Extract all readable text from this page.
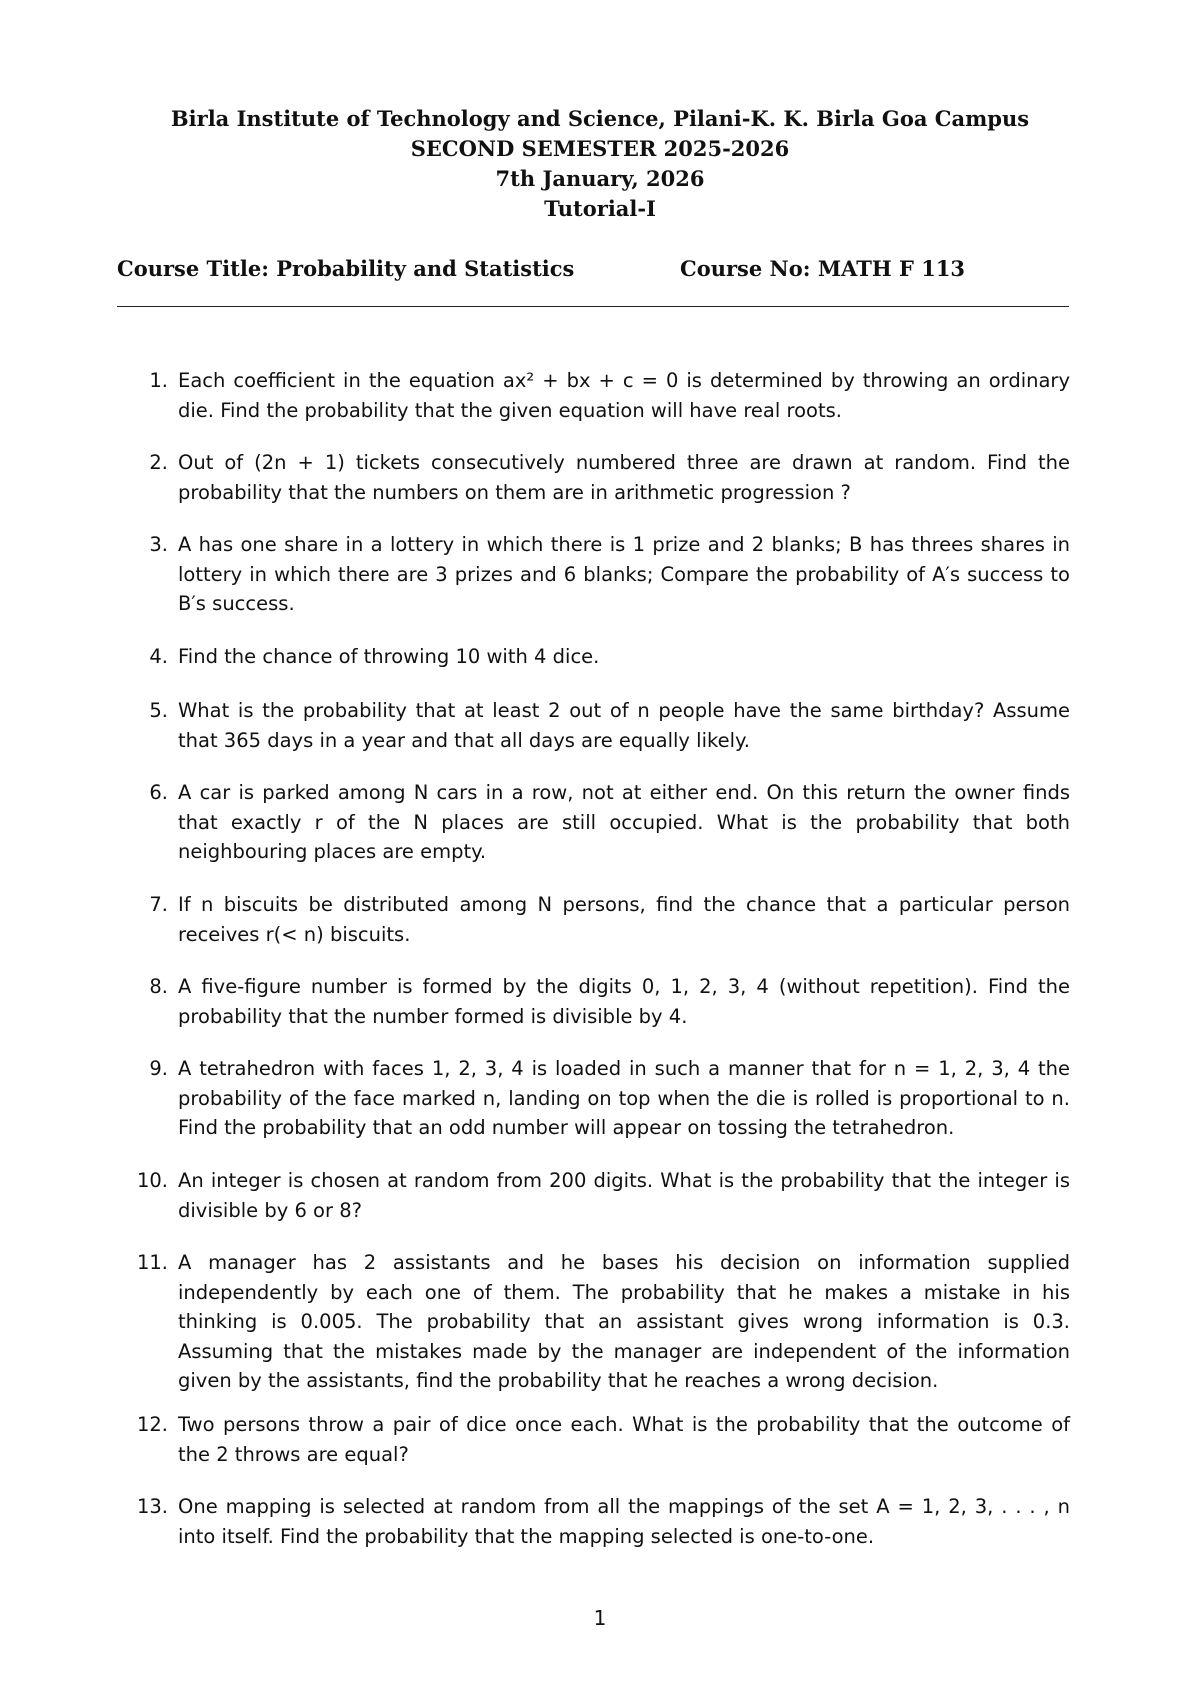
Birla Institute of Technology and Science, Pilani-K. K. Birla Goa Campus
SECOND SEMESTER 2025-2026
7th January, 2026
Tutorial-I
Course Title: Probability and Statistics	Course No: MATH F 113
1. Each coefficient in the equation ax² + bx + c = 0 is determined by throwing an ordinary die. Find the probability that the given equation will have real roots.
2. Out of (2n + 1) tickets consecutively numbered three are drawn at random. Find the probability that the numbers on them are in arithmetic progression ?
3. A has one share in a lottery in which there is 1 prize and 2 blanks; B has threes shares in lottery in which there are 3 prizes and 6 blanks; Compare the probability of A′s success to B′s success.
4. Find the chance of throwing 10 with 4 dice.
5. What is the probability that at least 2 out of n people have the same birthday? Assume that 365 days in a year and that all days are equally likely.
6. A car is parked among N cars in a row, not at either end. On this return the owner finds that exactly r of the N places are still occupied. What is the probability that both neighbouring places are empty.
7. If n biscuits be distributed among N persons, find the chance that a particular person receives r(< n) biscuits.
8. A five-figure number is formed by the digits 0, 1, 2, 3, 4 (without repetition). Find the probability that the number formed is divisible by 4.
9. A tetrahedron with faces 1, 2, 3, 4 is loaded in such a manner that for n = 1, 2, 3, 4 the probability of the face marked n, landing on top when the die is rolled is proportional to n. Find the probability that an odd number will appear on tossing the tetrahedron.
10. An integer is chosen at random from 200 digits. What is the probability that the integer is divisible by 6 or 8?
11. A manager has 2 assistants and he bases his decision on information supplied independently by each one of them. The probability that he makes a mistake in his thinking is 0.005. The probability that an assistant gives wrong information is 0.3. Assuming that the mistakes made by the manager are independent of the information given by the assistants, find the probability that he reaches a wrong decision.
12. Two persons throw a pair of dice once each. What is the probability that the outcome of the 2 throws are equal?
13. One mapping is selected at random from all the mappings of the set A = 1, 2, 3, . . . , n into itself. Find the probability that the mapping selected is one-to-one.
1
